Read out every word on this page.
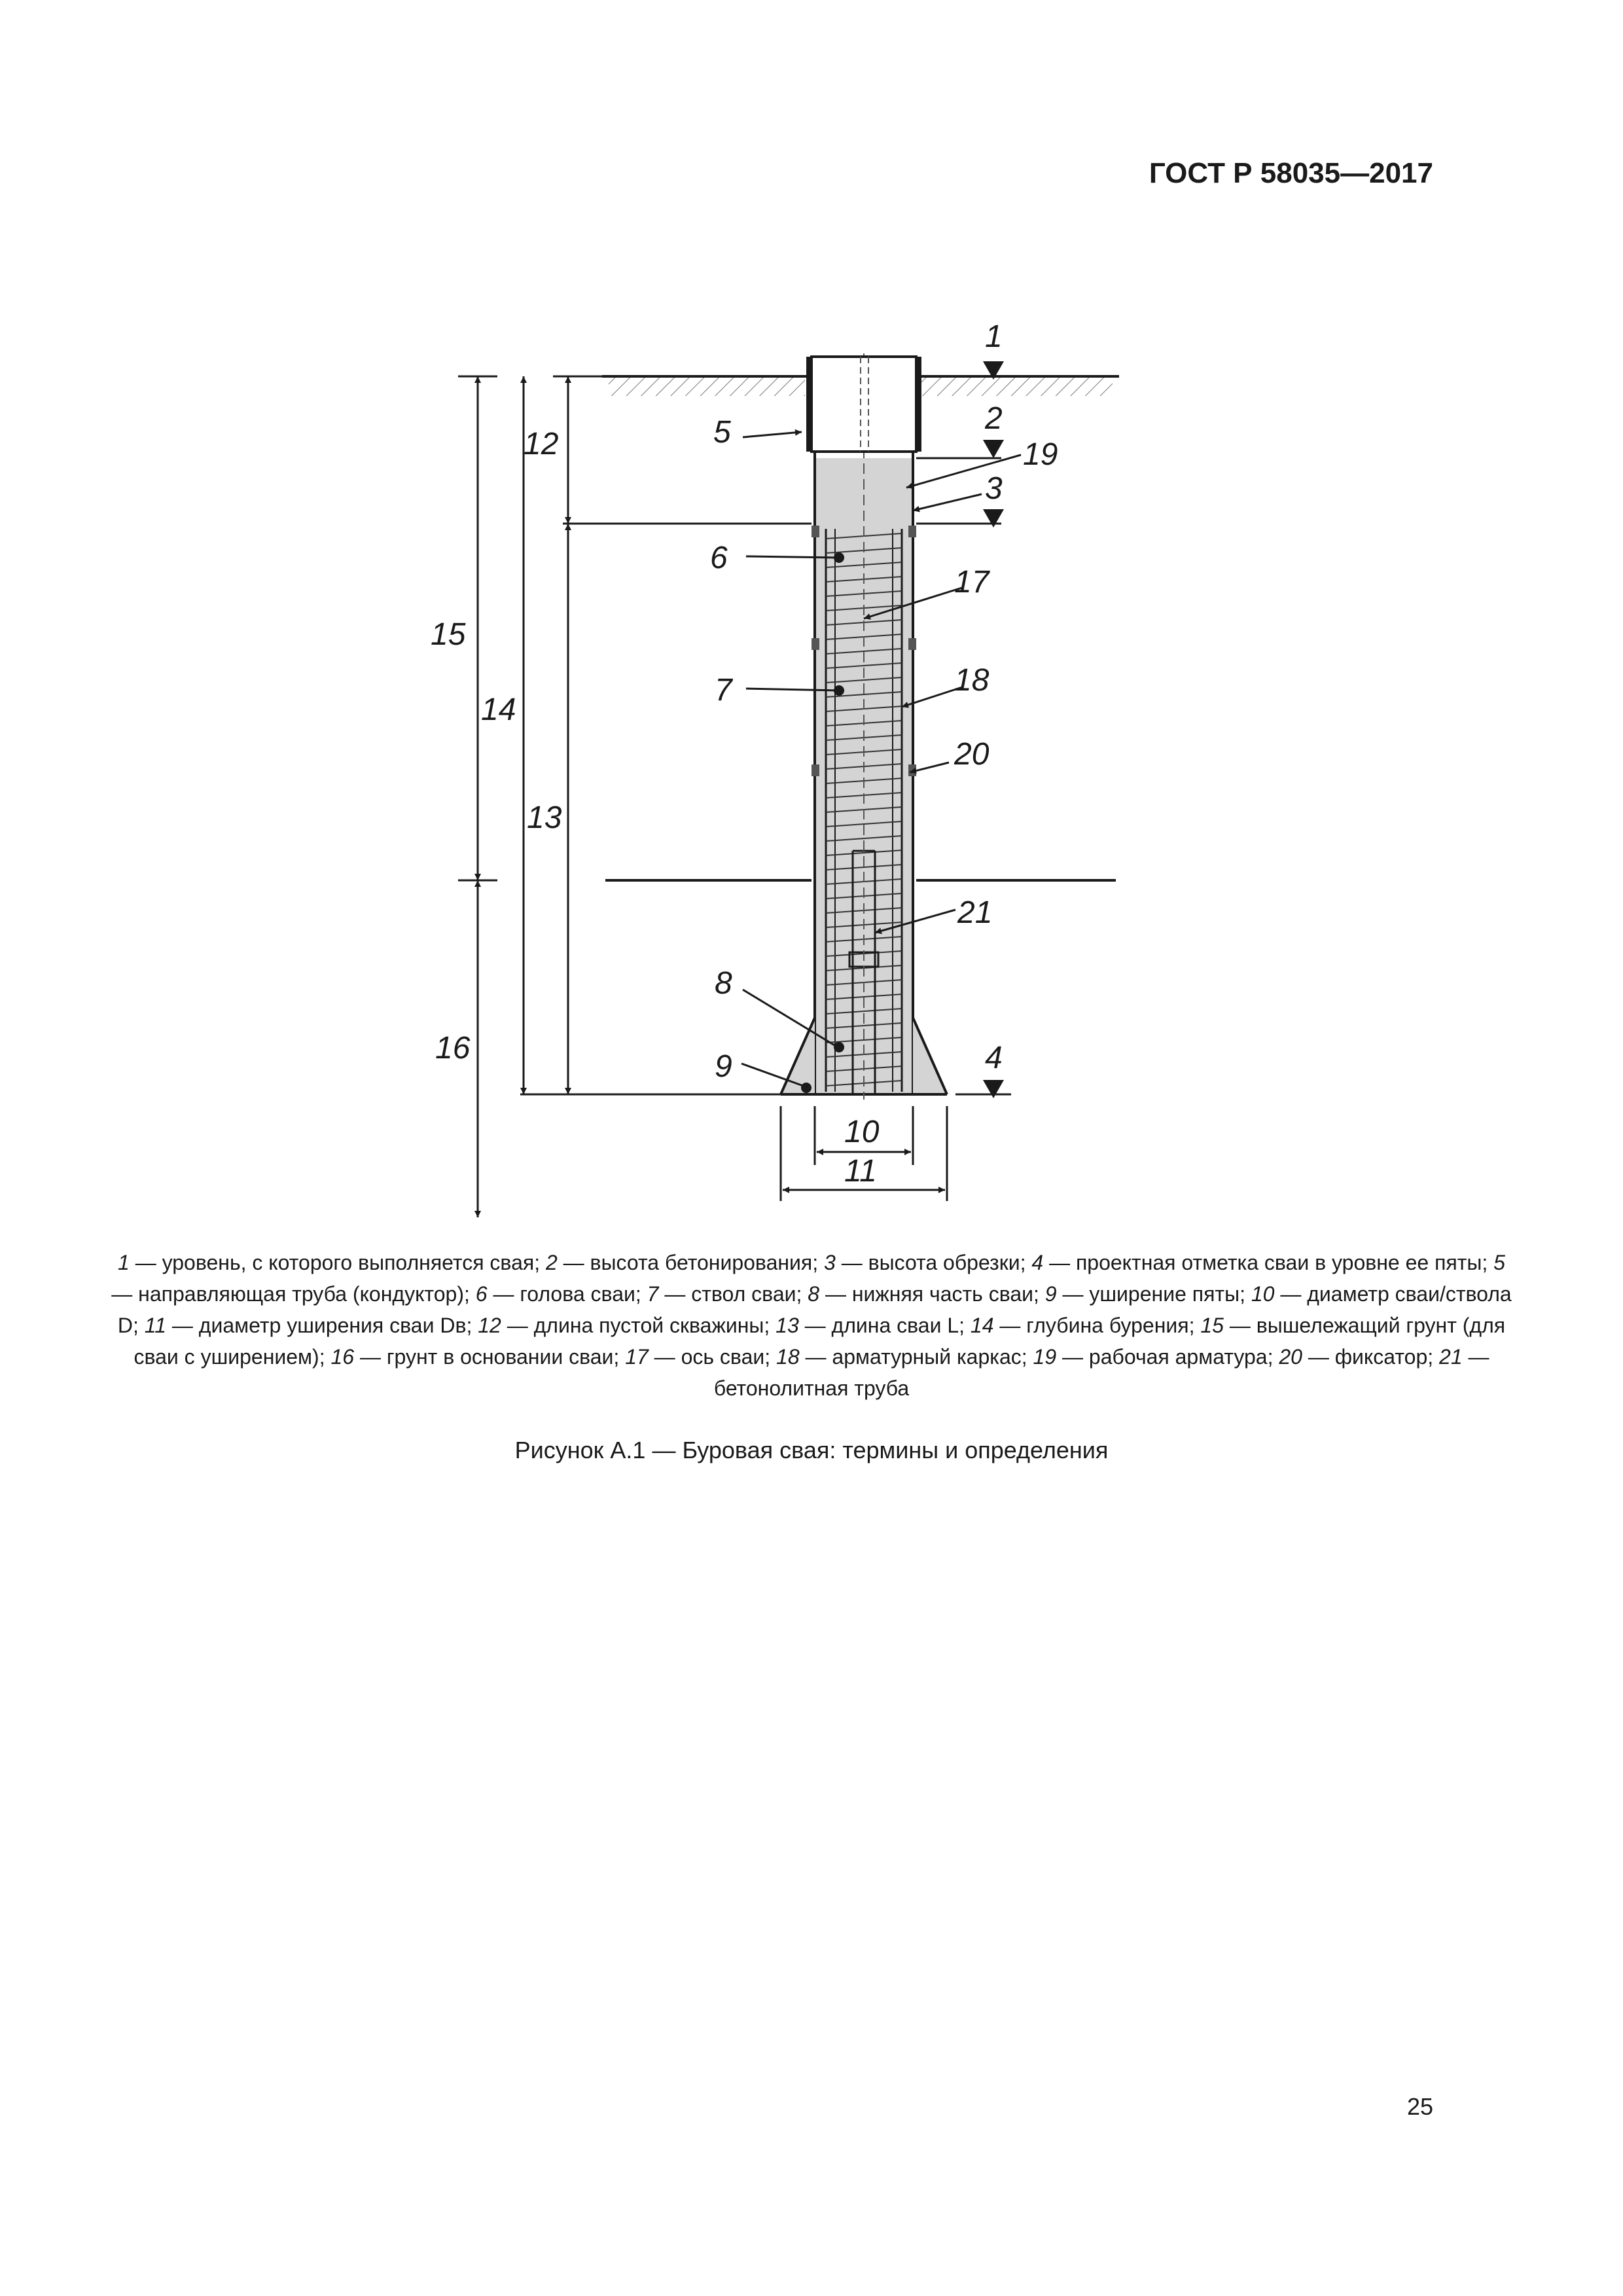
ГОСТ Р 58035—2017
1
2
19
3
5
12
6
17
15
18
7
14
20
13
21
8
16
9	4
10
11
1 — уровень, с которого выполняется свая; 2 — высота бетонирования; 3 — высота обрезки; 4 — проектная отметка сваи в уровне ее пяты; 5 — направляющая труба (кондуктор); 6 — голова сваи; 7 — ствол сваи; 8 — нижняя часть сваи; 9 — уширение пяты; 10 — диаметр сваи/ствола D; 11 — диаметр уширения сваи Dв; 12 — длина пустой скважины; 13 — длина сваи L; 14 — глубина бурения; 15 — вышележащий грунт (для сваи с уширением); 16 — грунт в основании сваи; 17 — ось сваи; 18 — арматурный каркас; 19 — рабочая арматура; 20 — фиксатор; 21 — бетонолитная труба
Рисунок А.1 — Буровая свая: термины и определения
25
